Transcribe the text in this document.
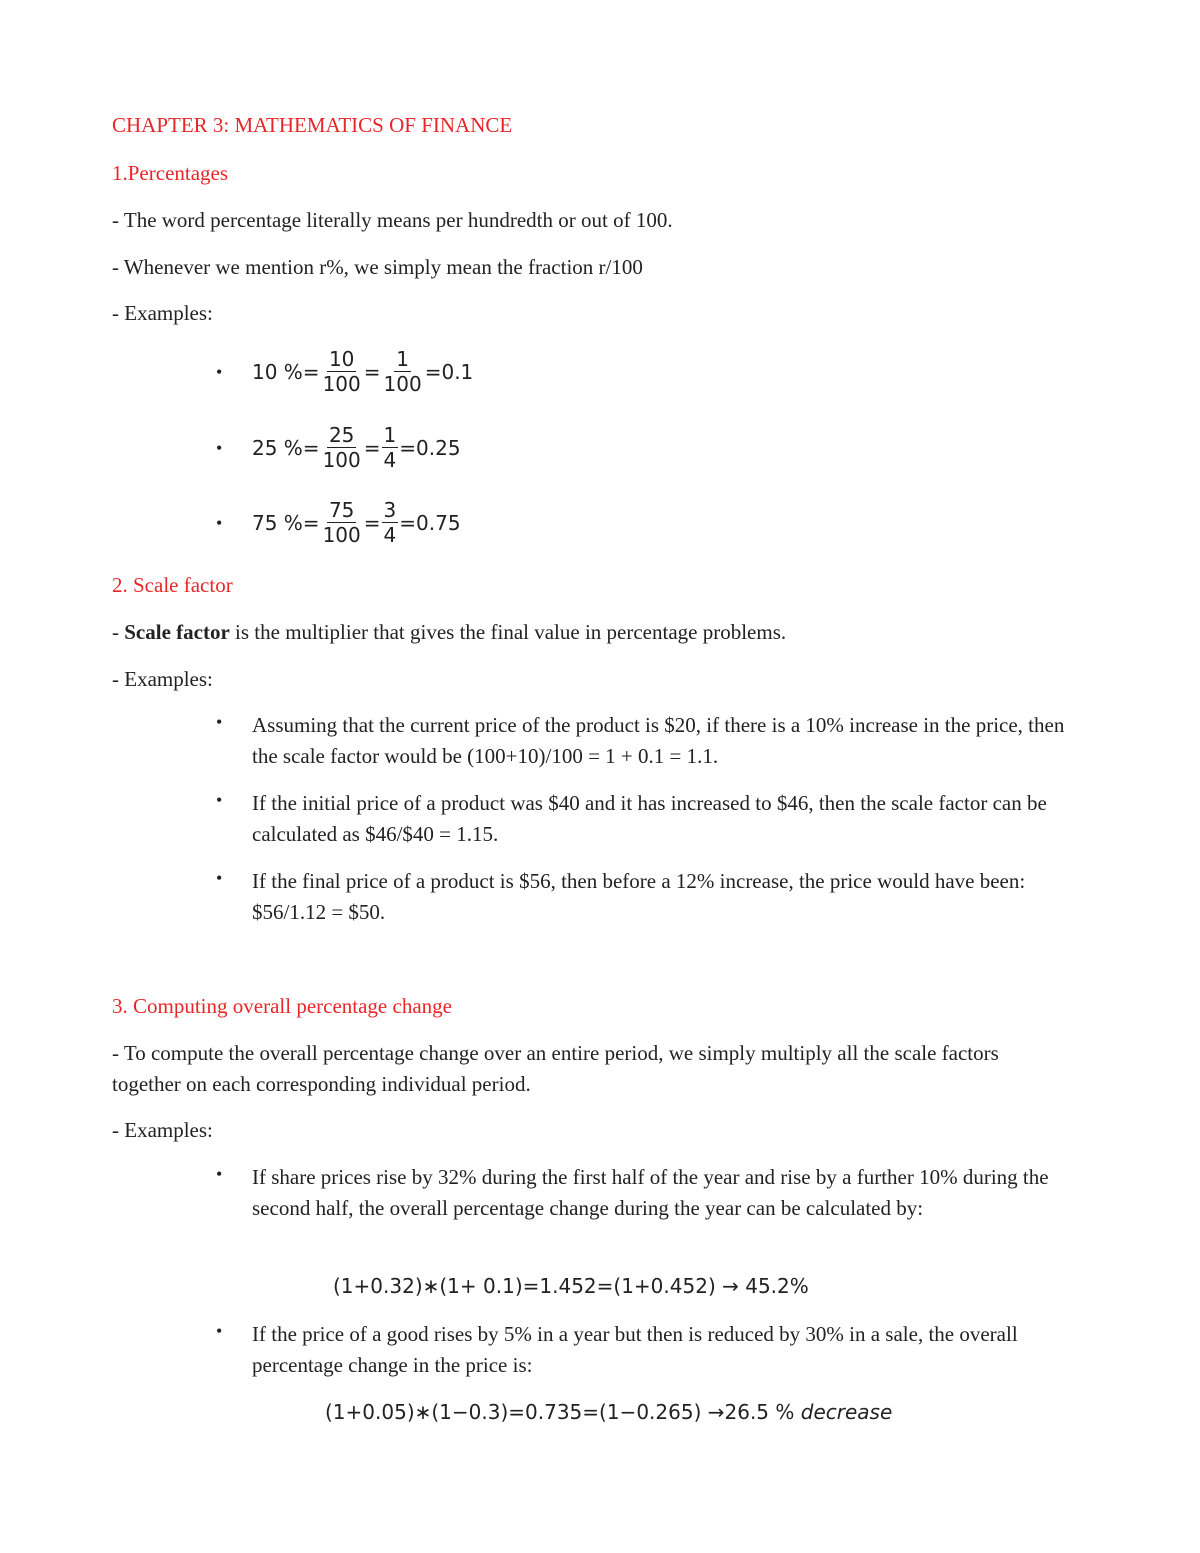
CHAPTER 3: MATHEMATICS OF FINANCE
1.Percentages
- The word percentage literally means per hundredth or out of 100.
- Whenever we mention r%, we simply mean the fraction r/100
- Examples:
• 10 %= $\frac{10}{100} = \frac{1}{100} =0.1$
• 25 %= $\frac{25}{100} = \frac{1}{4} =0.25$
• 75 %= $\frac{75}{100} = \frac{3}{4} =0.75$
2. Scale factor
- Scale factor is the multiplier that gives the final value in percentage problems.
- Examples:
• Assuming that the current price of the product is $20, if there is a 10% increase in the price, then the scale factor would be (100+10)/100 = 1 + 0.1 = 1.1.
• If the initial price of a product was $40 and it has increased to $46, then the scale factor can be calculated as $46/$40 = 1.15.
• If the final price of a product is $56, then before a 12% increase, the price would have been: $56/1.12 = $50.
3. Computing overall percentage change
- To compute the overall percentage change over an entire period, we simply multiply all the scale factors together on each corresponding individual period.
- Examples:
• If share prices rise by 32% during the first half of the year and rise by a further 10% during the second half, the overall percentage change during the year can be calculated by:
(1+0.32)∗(1+ 0.1)=1.452=(1+0.452) → 45.2%
• If the price of a good rises by 5% in a year but then is reduced by 30% in a sale, the overall percentage change in the price is:
(1+0.05)∗(1−0.3)=0.735=(1−0.265) →26.5 % decrease
